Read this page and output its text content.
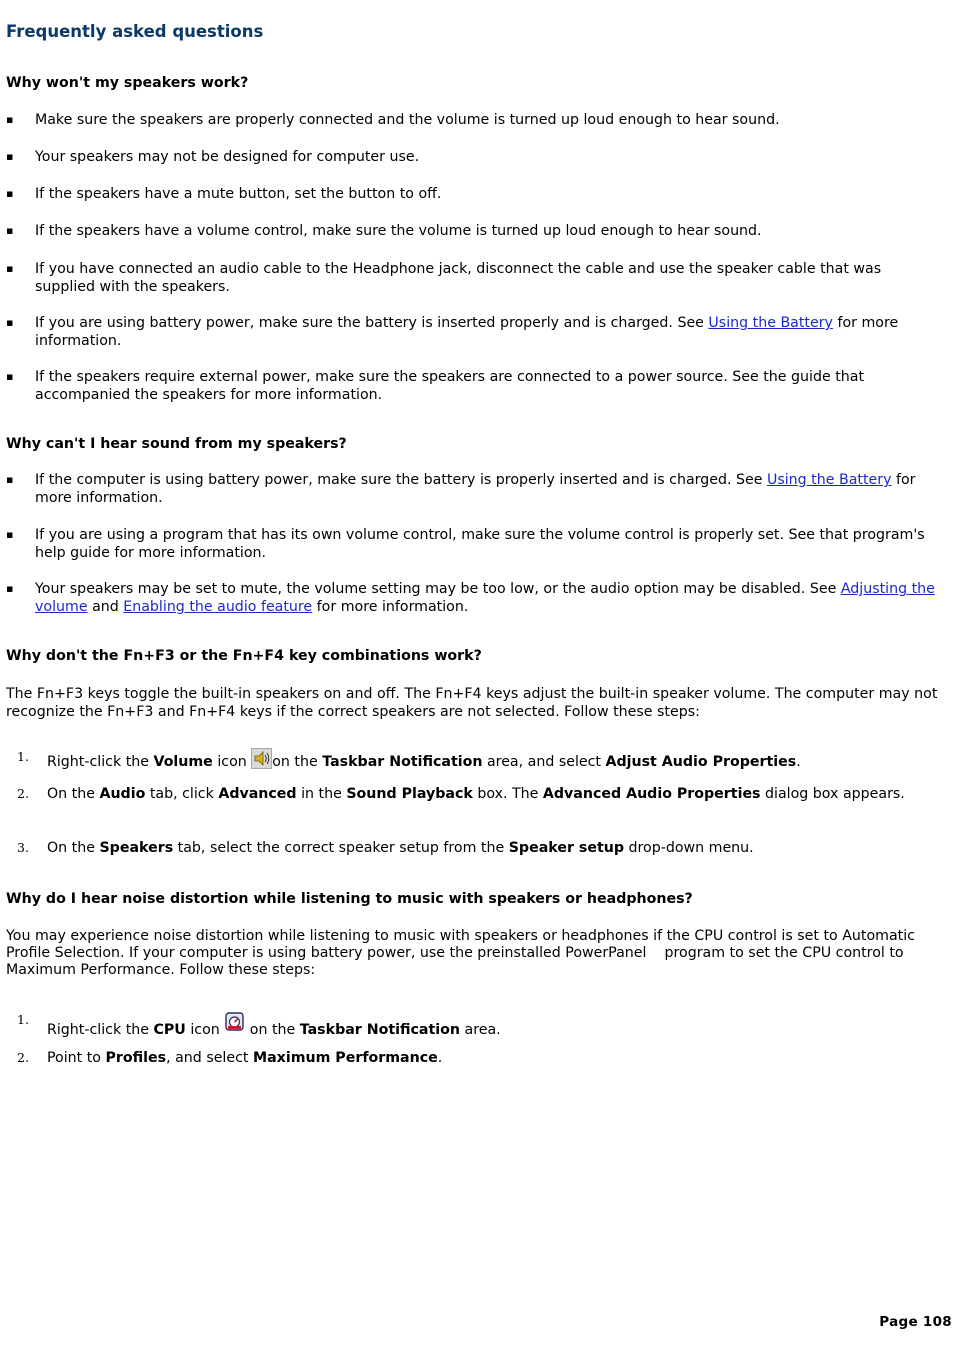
Frequently asked questions
Why won't my speakers work?
▪ Make sure the speakers are properly connected and the volume is turned up loud enough to hear sound.
▪ Your speakers may not be designed for computer use.
▪ If the speakers have a mute button, set the button to off.
▪ If the speakers have a volume control, make sure the volume is turned up loud enough to hear sound.
▪ If you have connected an audio cable to the Headphone jack, disconnect the cable and use the speaker cable that was supplied with the speakers.
▪ If you are using battery power, make sure the battery is inserted properly and is charged. See Using the Battery for more information.
▪ If the speakers require external power, make sure the speakers are connected to a power source. See the guide that accompanied the speakers for more information.
Why can't I hear sound from my speakers?
▪ If the computer is using battery power, make sure the battery is properly inserted and is charged. See Using the Battery for more information.
▪ If you are using a program that has its own volume control, make sure the volume control is properly set. See that program's help guide for more information.
▪ Your speakers may be set to mute, the volume setting may be too low, or the audio option may be disabled. See Adjusting the volume and Enabling the audio feature for more information.
Why don't the Fn+F3 or the Fn+F4 key combinations work?

The Fn+F3 keys toggle the built-in speakers on and off. The Fn+F4 keys adjust the built-in speaker volume. The computer may not recognize the Fn+F3 and Fn+F4 keys if the correct speakers are not selected. Follow these steps:

1. Right-click the Volume icon on the Taskbar Notification area, and select Adjust Audio Properties.
2. On the Audio tab, click Advanced in the Sound Playback box. The Advanced Audio Properties dialog box appears.
3. On the Speakers tab, select the correct speaker setup from the Speaker setup drop-down menu.
Why do I hear noise distortion while listening to music with speakers or headphones?

You may experience noise distortion while listening to music with speakers or headphones if the CPU control is set to Automatic Profile Selection. If your computer is using battery power, use the preinstalled PowerPanel    program to set the CPU control to Maximum Performance. Follow these steps:

1.
Right-click the CPU icon  on the Taskbar Notification area.
2. Point to Profiles, and select Maximum Performance.
Page 108
